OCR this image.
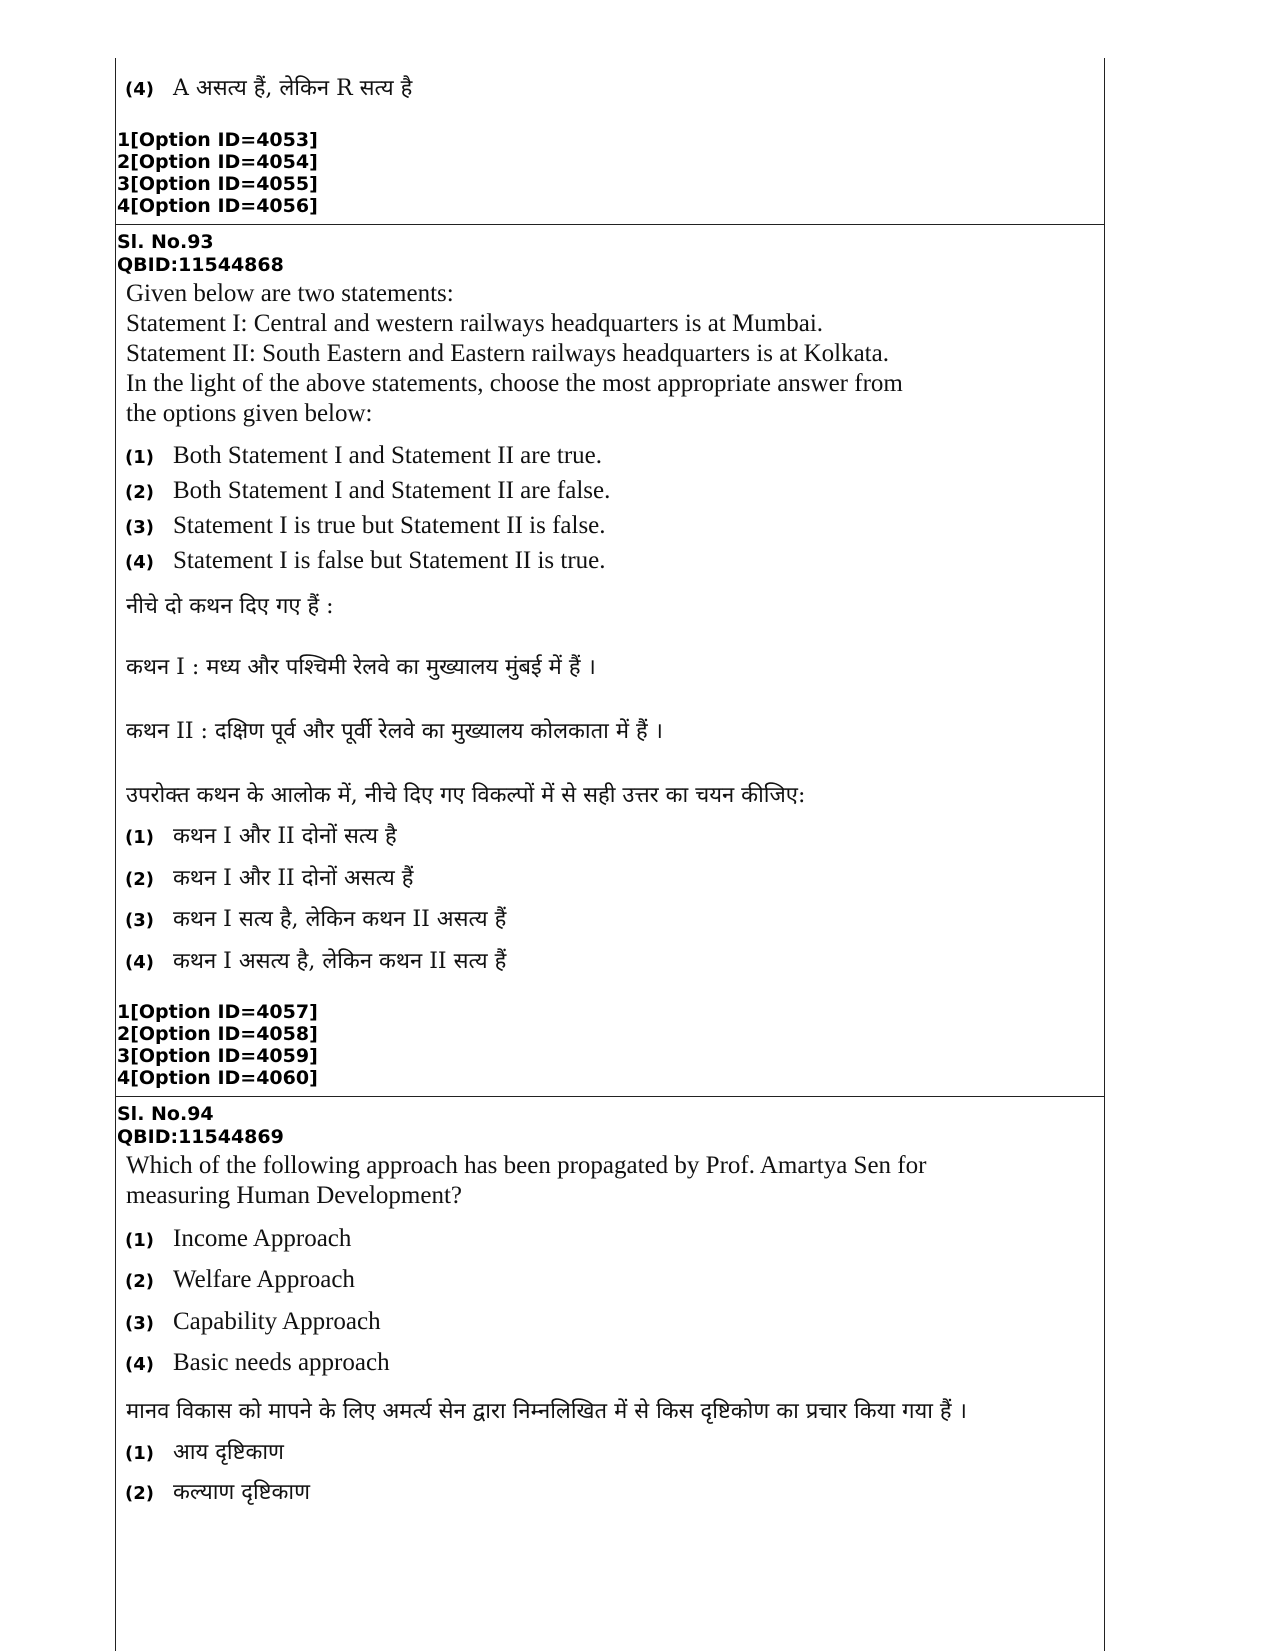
(4) A असत्य हैं, लेकिन R सत्य है
1[Option ID=4053]
2[Option ID=4054]
3[Option ID=4055]
4[Option ID=4056]
Sl. No.93
QBID:11544868
Given below are two statements:
Statement I: Central and western railways headquarters is at Mumbai.
Statement II: South Eastern and Eastern railways headquarters is at Kolkata.
In the light of the above statements, choose the most appropriate answer from
the options given below:
(1) Both Statement I and Statement II are true.
(2) Both Statement I and Statement II are false.
(3) Statement I is true but Statement II is false.
(4) Statement I is false but Statement II is true.
नीचे दो कथन दिए गए हैं :
कथन I : मध्य और पश्चिमी रेलवे का मुख्यालय मुंबई में हैं ।
कथन II : दक्षिण पूर्व और पूर्वी रेलवे का मुख्यालय कोलकाता में हैं ।
उपरोक्त कथन के आलोक में, नीचे दिए गए विकल्पों में से सही उत्तर का चयन कीजिए:
(1) कथन I और II दोनों सत्य है
(2) कथन I और II दोनों असत्य हैं
(3) कथन I सत्य है, लेकिन कथन II असत्य हैं
(4) कथन I असत्य है, लेकिन कथन II सत्य हैं
1[Option ID=4057]
2[Option ID=4058]
3[Option ID=4059]
4[Option ID=4060]
Sl. No.94
QBID:11544869
Which of the following approach has been propagated by Prof. Amartya Sen for
measuring Human Development?
(1) Income Approach
(2) Welfare Approach
(3) Capability Approach
(4) Basic needs approach
मानव विकास को मापने के लिए अमर्त्य सेन द्वारा निम्नलिखित में से किस दृष्टिकोण का प्रचार किया गया हैं ।
(1) आय दृष्टिकाण
(2) कल्याण दृष्टिकाण
